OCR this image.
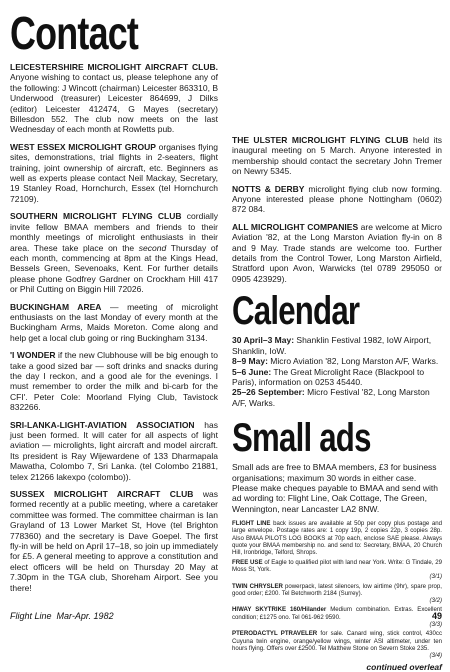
Contact

LEICESTERSHIRE MICROLIGHT AIRCRAFT CLUB. Anyone wishing to contact us, please telephone any of the following: J Wincott (chairman) Leicester 863310, B Underwood (treasurer) Leicester 864699, J Dilks (editor) Leicester 412474, G Mayes (secretary) Billesdon 552. The club now meets on the last Wednesday of each month at Rowletts pub.

WEST ESSEX MICROLIGHT GROUP organises flying sites, demonstrations, trial flights in 2-seaters, flight training, joint ownership of aircraft, etc. Beginners as well as experts please contact Neil Mackay, Secretary, 19 Stanley Road, Hornchurch, Essex (tel Hornchurch 72109).

SOUTHERN MICROLIGHT FLYING CLUB cordially invite fellow BMAA members and friends to their monthly meetings of microlight enthusiasts in their area. These take place on the second Thursday of each month, commencing at 8pm at the Kings Head, Bessels Green, Sevenoaks, Kent. For further details please phone Godfrey Gardner on Crockham Hill 417 or Phil Cutting on Biggin Hill 72026.

BUCKINGHAM AREA — meeting of microlight enthusiasts on the last Monday of every month at the Buckingham Arms, Maids Moreton. Come along and help get a local club going or ring Buckingham 3134.

'I WONDER if the new Clubhouse will be big enough to take a good sized bar — soft drinks and snacks during the day I reckon, and a good ale for the evenings. I must remember to order the milk and bi-carb for the CFI'. Peter Cole: Moorland Flying Club, Tavistock 832266.

SRI-LANKA-LIGHT-AVIATION ASSOCIATION has just been formed. It will cater for all aspects of light aviation — microlights, light aircraft and model aircraft. Its president is Ray Wijewardene of 133 Dharmapala Mawatha, Colombo 7, Sri Lanka. (tel Colombo 21881, telex 21266 lakexpo (colombo)).

SUSSEX MICROLIGHT AIRCRAFT CLUB was formed recently at a public meeting, where a caretaker committee was formed. The committee chairman is Ian Grayland of 13 Lower Market St, Hove (tel Brighton 778360) and the secretary is Dave Goepel. The first fly-in will be held on April 17–18, so join up immediately for £5. A general meeting to approve a constitution and elect officers will be held on Thursday 20 May at 7.30pm in the TGA club, Shoreham Airport. See you there!

THE ULSTER MICROLIGHT FLYING CLUB held its inaugural meeting on 5 March. Anyone interested in membership should contact the secretary John Tremer on Newry 5345.

NOTTS & DERBY microlight flying club now forming. Anyone interested please phone Nottingham (0602) 872 084.

ALL MICROLIGHT COMPANIES are welcome at Micro Aviation '82, at the Long Marston Aviation fly-in on 8 and 9 May. Trade stands are welcome too. Further details from the Control Tower, Long Marston Airfield, Stratford upon Avon, Warwicks (tel 0789 295050 or 0905 423929).

Calendar

30 April–3 May: Shanklin Festival 1982, IoW Airport, Shanklin, IoW.

8–9 May: Micro Aviation '82, Long Marston A/F, Warks.

5–6 June: The Great Microlight Race (Blackpool to Paris), information on 0253 45440.

25–26 September: Micro Festival '82, Long Marston A/F, Warks.

Small ads

Small ads are free to BMAA members, £3 for business organisations; maximum 30 words in either case. Please make cheques payable to BMAA and send with ad wording to: Flight Line, Oak Cottage, The Green, Wennington, near Lancaster LA2 8NW.

FLIGHT LINE back issues are available at 50p per copy plus postage and large envelope. Postage rates are: 1 copy 19p, 2 copies 22p, 3 copies 28p. Also BMAA PILOTS LOG BOOKS at 70p each, enclose SAE please. Always quote your BMAA membership no. and send to: Secretary, BMAA, 20 Church Hill, Ironbridge, Telford, Shrops.

FREE USE of Eagle to qualified pilot with land near York. Write: G Tindale, 29 Moss St, York.
(3/1)

TWIN CHRYSLER powerpack, latest silencers, low airtime (9hr), spare prop, good order; £200. Tel Betchworth 2184 (Surrey).
(3/2)

HIWAY SKYTRIKE 160/Hilander Medium combination. Extras. Excellent condition; £1275 ono. Tel 061-962 9590.
(3/3)

PTERODACTYL PTRAVELER for sale. Canard wing, stick control, 430cc Cuyuna twin engine, orange/yellow wings, winter ASI altimeter, under ten hours flying. Offers over £2500. Tel Matthew Stone on Severn Stoke 235.
(3/4)

continued overleaf
Flight Line Mar-Apr. 1982	49
